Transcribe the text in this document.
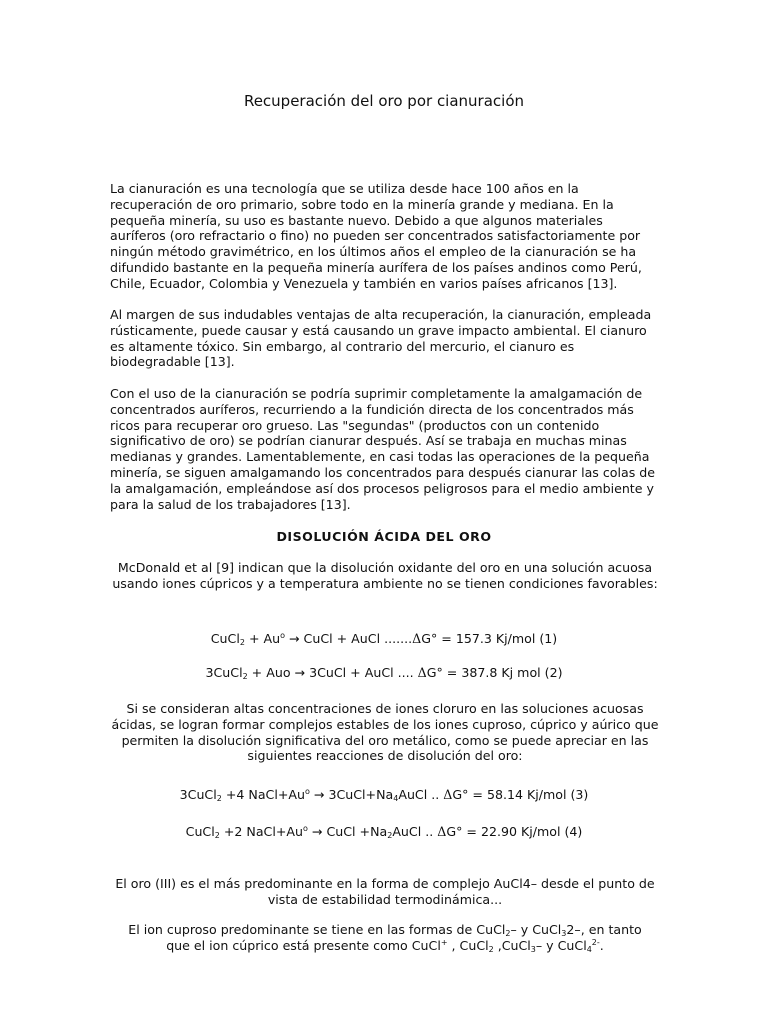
Recuperación del oro por cianuración

La cianuración es una tecnología que se utiliza desde hace 100 años en la recuperación de oro primario, sobre todo en la minería grande y mediana. En la pequeña minería, su uso es bastante nuevo. Debido a que algunos materiales auríferos (oro refractario o fino) no pueden ser concentrados satisfactoriamente por ningún método gravimétrico, en los últimos años el empleo de la cianuración se ha difundido bastante en la pequeña minería aurífera de los países andinos como Perú, Chile, Ecuador, Colombia y Venezuela y también en varios países africanos [13].

Al margen de sus indudables ventajas de alta recuperación, la cianuración, empleada rústicamente, puede causar y está causando un grave impacto ambiental. El cianuro es altamente tóxico. Sin embargo, al contrario del mercurio, el cianuro es biodegradable [13].

Con el uso de la cianuración se podría suprimir completamente la amalgamación de concentrados auríferos, recurriendo a la fundición directa de los concentrados más ricos para recuperar oro grueso. Las "segundas" (productos con un contenido significativo de oro) se podrían cianurar después. Así se trabaja en muchas minas medianas y grandes. Lamentablemente, en casi todas las operaciones de la pequeña minería, se siguen amalgamando los concentrados para después cianurar las colas de la amalgamación, empleándose así dos procesos peligrosos para el medio ambiente y para la salud de los trabajadores [13].

DISOLUCIÓN ÁCIDA DEL ORO

McDonald et al [9] indican que la disolución oxidante del oro en una solución acuosa usando iones cúpricos y a temperatura ambiente no se tienen condiciones favorables:

CuCl$_2$ + $Au^o$ → CuCl + AuCl .......ΔG° = 157.3 Kj/mol (1)
3CuCl$_2$ + Auo → 3CuCl + AuCl .... ΔG° = 387.8 Kj mol (2)

Si se consideran altas concentraciones de iones cloruro en las soluciones acuosas ácidas, se logran formar complejos estables de los iones cuproso, cúprico y aúrico que permiten la disolución significativa del oro metálico, como se puede apreciar en las siguientes reacciones de disolución del oro:

3CuCl$_2$ +4 $NaCl+Au^o$ → $3CuCl+Na_4AuCl$ .. ΔG° = 58.14 Kj/mol (3)
CuCl$_2$ +2 $NaCl+Au^o$ → CuCl $+Na_2AuCl$ .. ΔG° = 22.90 Kj/mol (4)

El oro (III) es el más predominante en la forma de complejo AuCl4– desde el punto de vista de estabilidad termodinámica...

El ion cuproso predominante se tiene en las formas de CuCl$_2$– y CuCl$_3$2–, en tanto
que el ion cúprico está presente como CuCl+ , CuCl$_2$ ,CuCl$_3$– y CuCl$_4^{2-}$.
